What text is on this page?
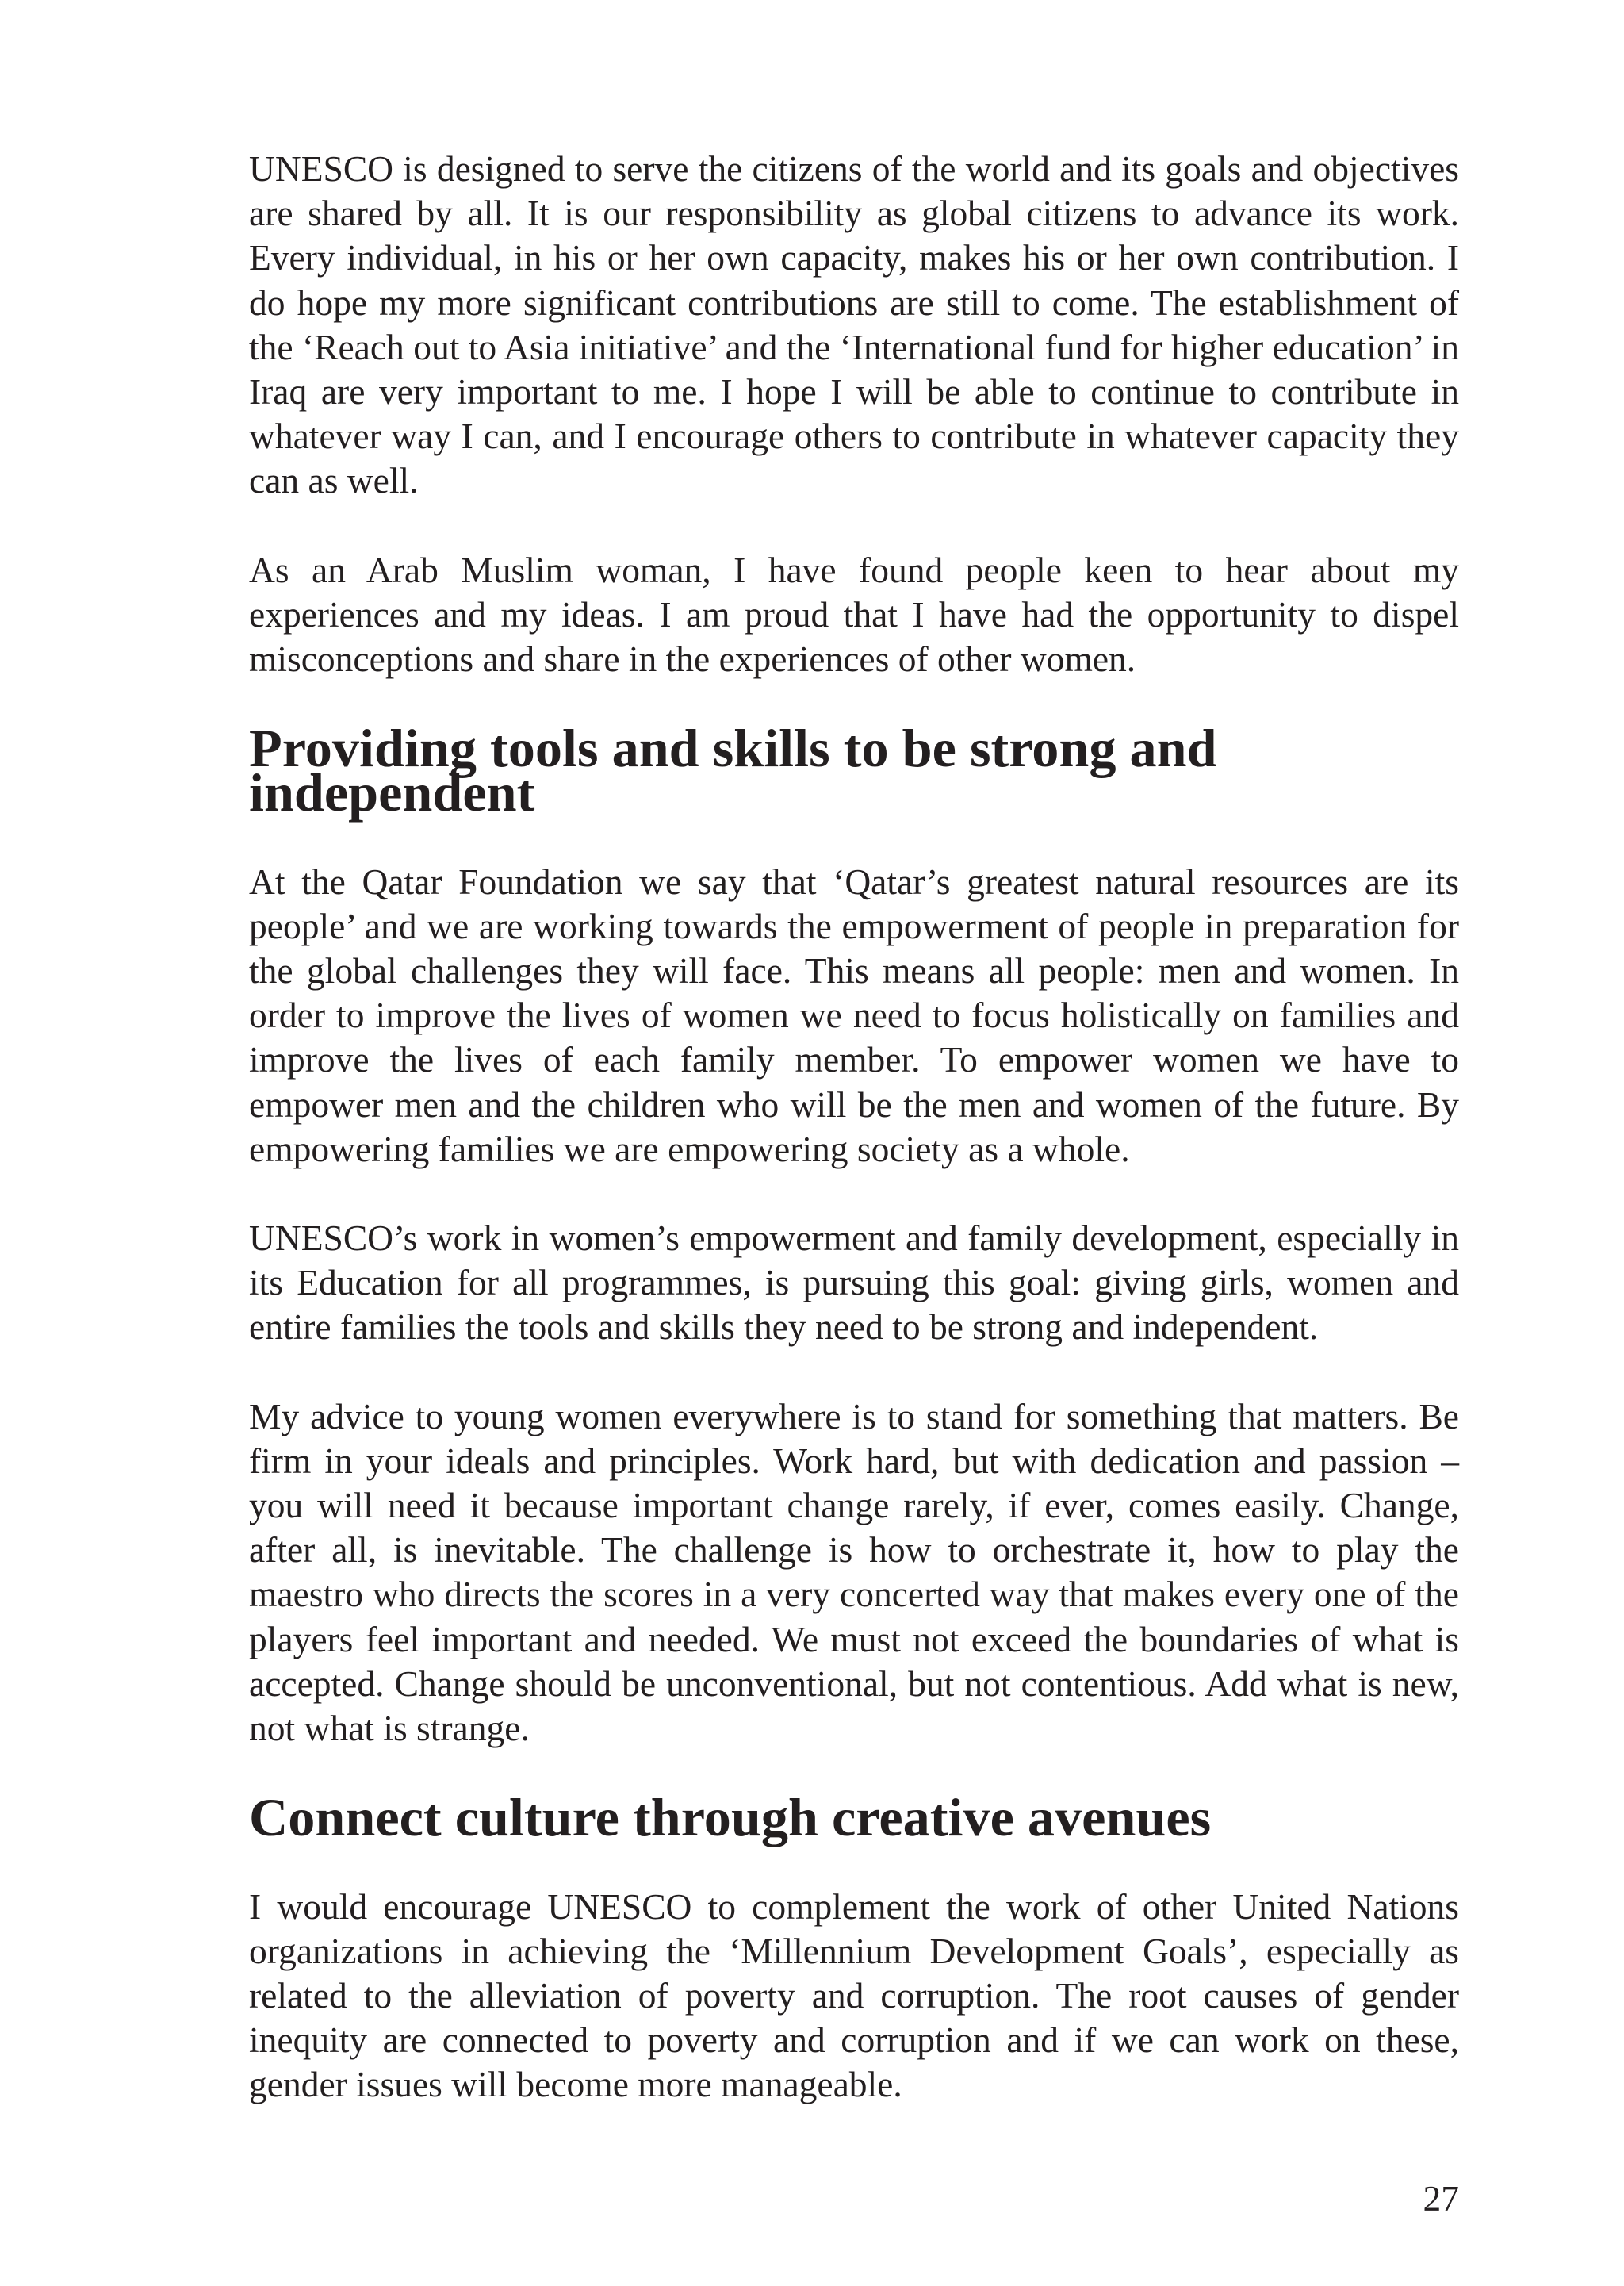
UNESCO is designed to serve the citizens of the world and its goals and objectives are shared by all. It is our responsibility as global citizens to advance its work. Every individual, in his or her own capacity, makes his or her own contribution. I do hope my more significant contributions are still to come. The establishment of the ‘Reach out to Asia initiative’ and the ‘International fund for higher education’ in Iraq are very important to me. I hope I will be able to continue to contribute in whatever way I can, and I encourage others to contribute in whatever capacity they can as well.

As an Arab Muslim woman, I have found people keen to hear about my experiences and my ideas. I am proud that I have had the opportunity to dispel misconceptions and share in the experiences of other women.

Providing tools and skills to be strong and independent

At the Qatar Foundation we say that ‘Qatar’s greatest natural resources are its people’ and we are working towards the empowerment of people in preparation for the global challenges they will face. This means all people: men and women. In order to improve the lives of women we need to focus holistically on families and improve the lives of each family member. To empower women we have to empower men and the children who will be the men and women of the future. By empowering families we are empowering society as a whole.

UNESCO’s work in women’s empowerment and family development, especially in its Education for all programmes, is pursuing this goal: giving girls, women and entire families the tools and skills they need to be strong and independent.

My advice to young women everywhere is to stand for something that matters. Be firm in your ideals and principles. Work hard, but with dedication and passion – you will need it because important change rarely, if ever, comes easily. Change, after all, is inevitable. The challenge is how to orchestrate it, how to play the maestro who directs the scores in a very concerted way that makes every one of the players feel important and needed. We must not exceed the boundaries of what is accepted. Change should be unconventional, but not contentious. Add what is new, not what is strange.

Connect culture through creative avenues

I would encourage UNESCO to complement the work of other United Nations organizations in achieving the ‘Millennium Development Goals’, especially as related to the alleviation of poverty and corruption. The root causes of gender inequity are connected to poverty and corruption and if we can work on these, gender issues will become more manageable.

27
